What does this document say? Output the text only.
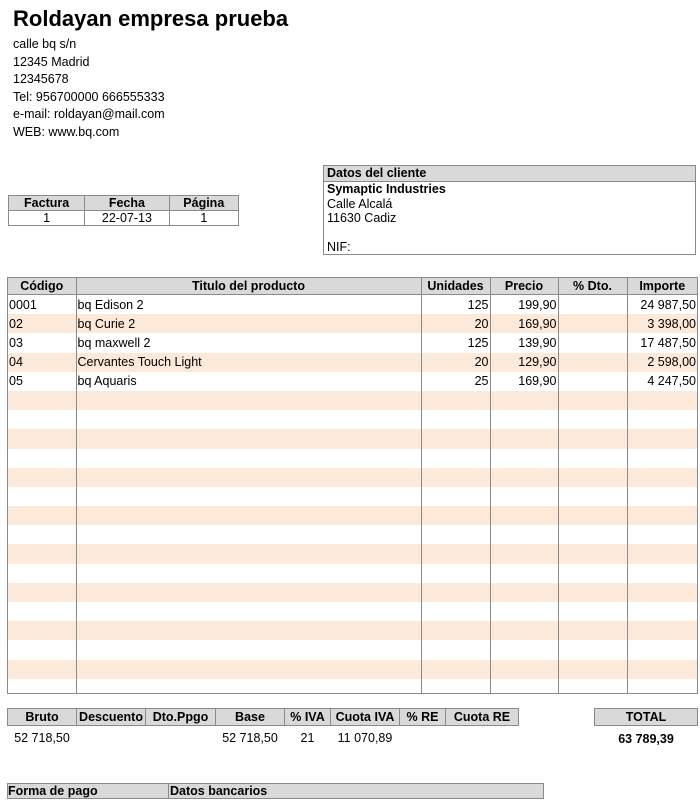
Roldayan empresa prueba
calle bq s/n
12345 Madrid
12345678
Tel: 956700000 666555333
e-mail: roldayan@mail.com
WEB: www.bq.com
Factura	Fecha	Página
1	22-07-13	1
Datos del cliente
Symaptic Industries
Calle Alcalá
11630 Cadiz
NIF:
Código	Titulo del producto	Unidades	Precio	% Dto.	Importe
0001	bq Edison 2	125	199,90		24 987,50
02	bq Curie 2	20	169,90		3 398,00
03	bq maxwell 2	125	139,90		17 487,50
04	Cervantes Touch Light	20	129,90		2 598,00
05	bq Aquaris	25	169,90		4 247,50

Bruto	Descuento	Dto.Ppgo	Base	% IVA	Cuota IVA	% RE	Cuota RE
52 718,50			52 718,50	21	11 070,89		
TOTAL
63 789,39
Forma de pago	Datos bancarios
